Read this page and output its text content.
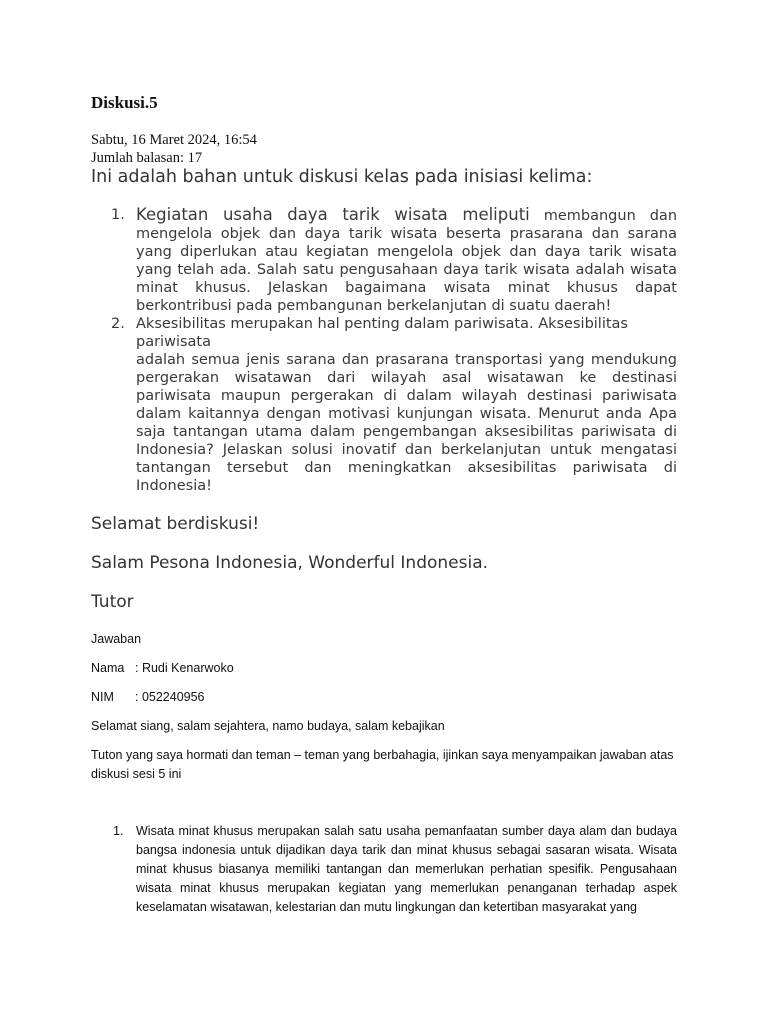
Diskusi.5

Sabtu, 16 Maret 2024, 16:54

Jumlah balasan: 17

Ini adalah bahan untuk diskusi kelas pada inisiasi kelima:

1. Kegiatan usaha daya tarik wisata meliputi membangun dan mengelola objek dan daya tarik wisata beserta prasarana dan sarana yang diperlukan atau kegiatan mengelola objek dan daya tarik wisata yang telah ada. Salah satu pengusahaan daya tarik wisata adalah wisata minat khusus. Jelaskan bagaimana wisata minat khusus dapat berkontribusi pada pembangunan berkelanjutan di suatu daerah!
2. Aksesibilitas merupakan hal penting dalam pariwisata. Aksesibilitas pariwisata
adalah semua jenis sarana dan prasarana transportasi yang mendukung pergerakan wisatawan dari wilayah asal wisatawan ke destinasi pariwisata maupun pergerakan di dalam wilayah destinasi pariwisata dalam kaitannya dengan motivasi kunjungan wisata. Menurut anda Apa saja tantangan utama dalam pengembangan aksesibilitas pariwisata di Indonesia? Jelaskan solusi inovatif dan berkelanjutan untuk mengatasi tantangan tersebut dan meningkatkan aksesibilitas pariwisata di Indonesia!

Selamat berdiskusi!

Salam Pesona Indonesia, Wonderful Indonesia.

Tutor

Jawaban

Nama : Rudi Kenarwoko

NIM : 052240956

Selamat siang, salam sejahtera, namo budaya, salam kebajikan

Tuton yang saya hormati dan teman – teman yang berbahagia, ijinkan saya menyampaikan jawaban atas diskusi sesi 5 ini

1. Wisata minat khusus merupakan salah satu usaha pemanfaatan sumber daya alam dan budaya bangsa indonesia untuk dijadikan daya tarik dan minat khusus sebagai sasaran wisata. Wisata minat khusus biasanya memiliki tantangan dan memerlukan perhatian spesifik. Pengusahaan wisata minat khusus merupakan kegiatan yang memerlukan penanganan terhadap aspek keselamatan wisatawan, kelestarian dan mutu lingkungan dan ketertiban masyarakat yang
